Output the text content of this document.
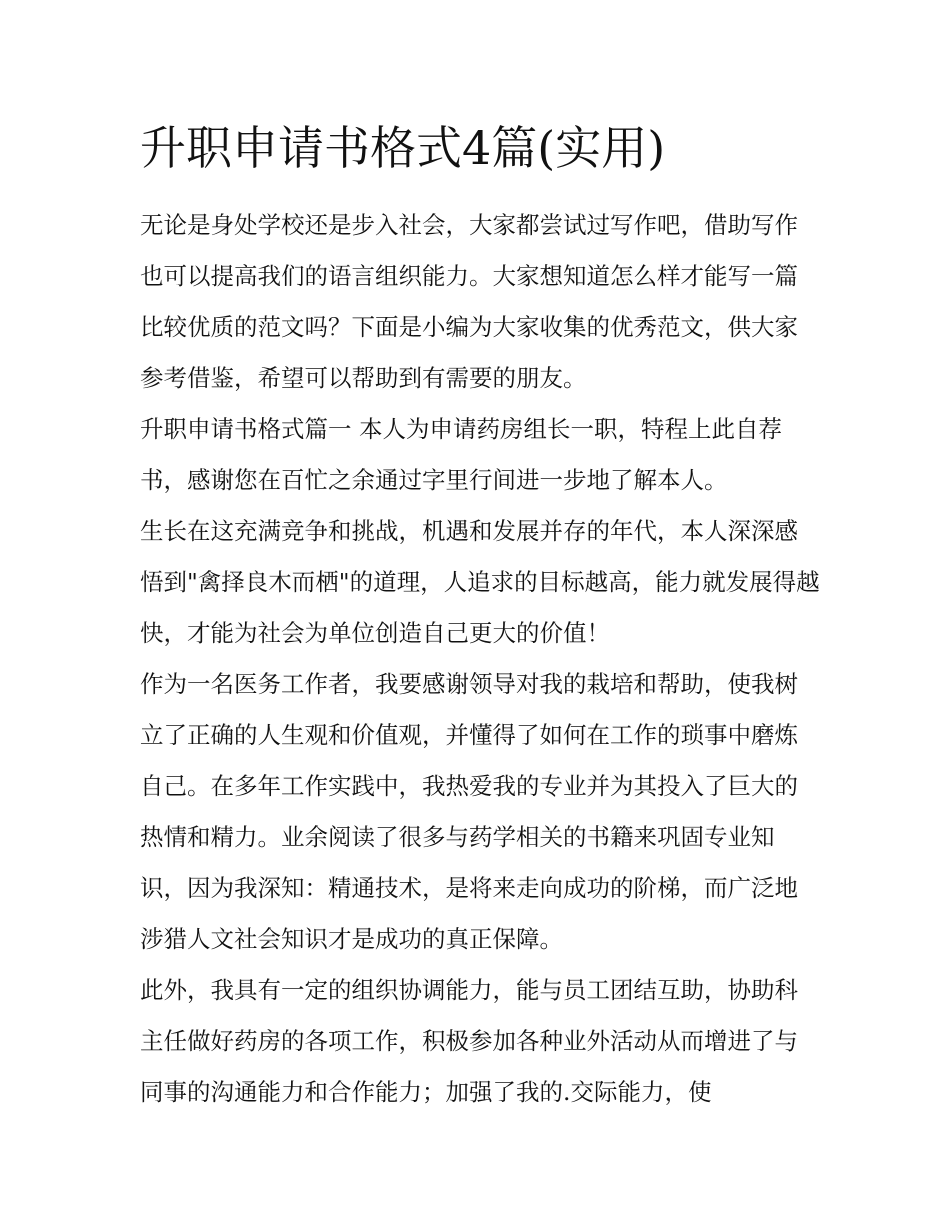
升职申请书格式4篇(实用)

无论是身处学校还是步入社会，大家都尝试过写作吧，借助写作也可以提高我们的语言组织能力。大家想知道怎么样才能写一篇比较优质的范文吗？下面是小编为大家收集的优秀范文，供大家参考借鉴，希望可以帮助到有需要的朋友。

升职申请书格式篇一 本人为申请药房组长一职，特程上此自荐书，感谢您在百忙之余通过字里行间进一步地了解本人。

生长在这充满竞争和挑战，机遇和发展并存的年代，本人深深感悟到"禽择良木而栖"的道理，人追求的目标越高，能力就发展得越快，才能为社会为单位创造自己更大的价值！

作为一名医务工作者，我要感谢领导对我的栽培和帮助，使我树立了正确的人生观和价值观，并懂得了如何在工作的琐事中磨炼自己。在多年工作实践中，我热爱我的专业并为其投入了巨大的热情和精力。业余阅读了很多与药学相关的书籍来巩固专业知识，因为我深知：精通技术，是将来走向成功的阶梯，而广泛地涉猎人文社会知识才是成功的真正保障。

此外，我具有一定的组织协调能力，能与员工团结互助，协助科主任做好药房的各项工作，积极参加各种业外活动从而增进了与同事的沟通能力和合作能力；加强了我的.交际能力，使
